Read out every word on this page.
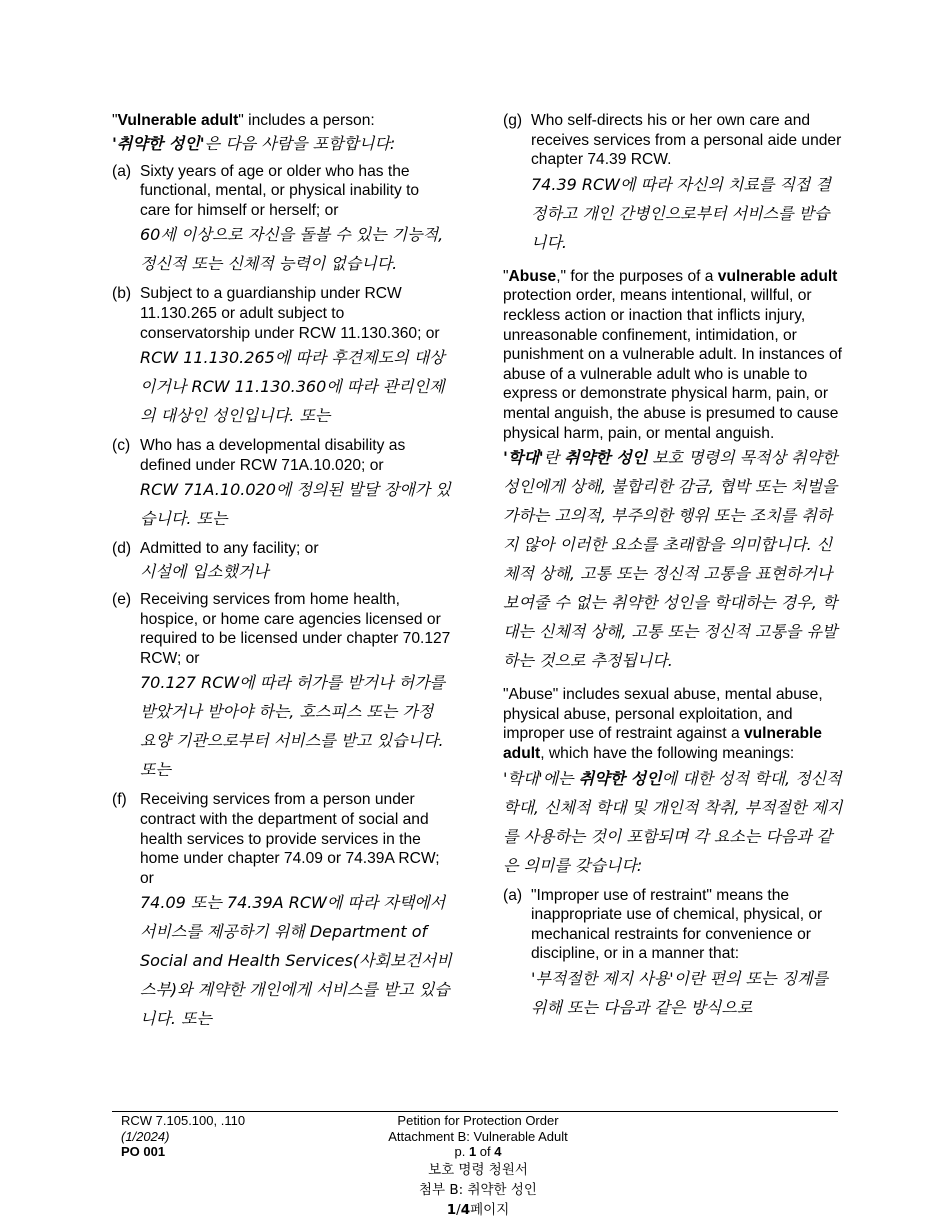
"Vulnerable adult" includes a person:

'취약한 성인'은 다음 사람을 포함합니다:

(a) Sixty years of age or older who has the functional, mental, or physical inability to care for himself or herself; or

60세 이상으로 자신을 돌볼 수 있는 기능적, 정신적 또는 신체적 능력이 없습니다.

(b) Subject to a guardianship under RCW 11.130.265 or adult subject to conservatorship under RCW 11.130.360; or

RCW 11.130.265에 따라 후견제도의 대상이거나 RCW 11.130.360에 따라 관리인제의 대상인 성인입니다. 또는

(c) Who has a developmental disability as defined under RCW 71A.10.020; or

RCW 71A.10.020에 정의된 발달 장애가 있습니다. 또는

(d) Admitted to any facility; or

시설에 입소했거나

(e) Receiving services from home health, hospice, or home care agencies licensed or required to be licensed under chapter 70.127 RCW; or

70.127 RCW에 따라 허가를 받거나 허가를 받았거나 받아야 하는, 호스피스 또는 가정 요양 기관으로부터 서비스를 받고 있습니다. 또는

(f) Receiving services from a person under contract with the department of social and health services to provide services in the home under chapter 74.09 or 74.39A RCW; or

74.09 또는 74.39A RCW에 따라 자택에서 서비스를 제공하기 위해 Department of Social and Health Services(사회보건서비스부)와 계약한 개인에게 서비스를 받고 있습니다. 또는

(g) Who self-directs his or her own care and receives services from a personal aide under chapter 74.39 RCW.

74.39 RCW에 따라 자신의 치료를 직접 결정하고 개인 간병인으로부터 서비스를 받습니다.

"Abuse," for the purposes of a vulnerable adult protection order, means intentional, willful, or reckless action or inaction that inflicts injury, unreasonable confinement, intimidation, or punishment on a vulnerable adult. In instances of abuse of a vulnerable adult who is unable to express or demonstrate physical harm, pain, or mental anguish, the abuse is presumed to cause physical harm, pain, or mental anguish.

'학대'란 취약한 성인 보호 명령의 목적상 취약한 성인에게 상해, 불합리한 감금, 협박 또는 처벌을 가하는 고의적, 부주의한 행위 또는 조치를 취하지 않아 이러한 요소를 초래함을 의미합니다. 신체적 상해, 고통 또는 정신적 고통을 표현하거나 보여줄 수 없는 취약한 성인을 학대하는 경우, 학대는 신체적 상해, 고통 또는 정신적 고통을 유발하는 것으로 추정됩니다.

"Abuse" includes sexual abuse, mental abuse, physical abuse, personal exploitation, and improper use of restraint against a vulnerable adult, which have the following meanings:

'학대'에는 취약한 성인에 대한 성적 학대, 정신적 학대, 신체적 학대 및 개인적 착취, 부적절한 제지를 사용하는 것이 포함되며 각 요소는 다음과 같은 의미를 갖습니다:

(a) "Improper use of restraint" means the inappropriate use of chemical, physical, or mechanical restraints for convenience or discipline, or in a manner that:

'부적절한 제지 사용'이란 편의 또는 징계를 위해 또는 다음과 같은 방식으로

RCW 7.105.100, .110
(1/2024)
PO 001
Petition for Protection Order
Attachment B: Vulnerable Adult
p. 1 of 4
보호 명령 청원서
첨부 B: 취약한 성인
1/4페이지
